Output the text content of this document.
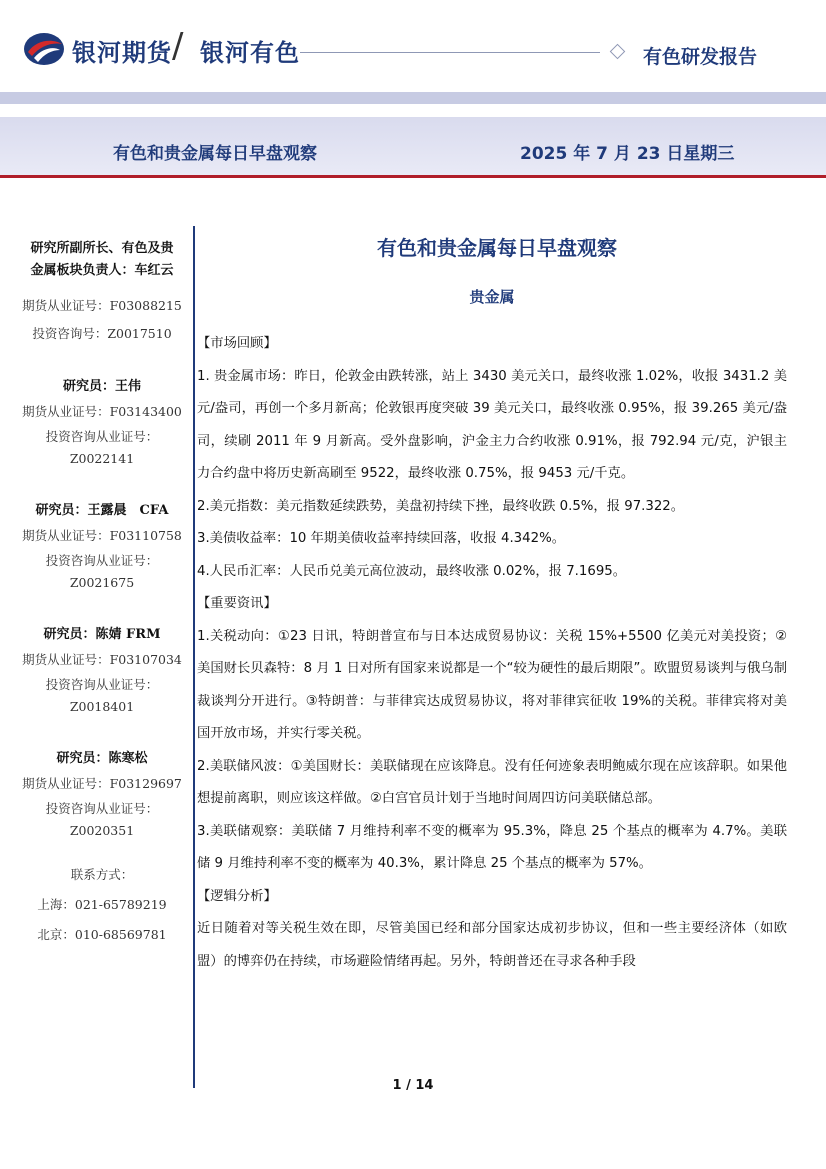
银河期货 / 银河有色	有色研发报告
有色和贵金属每日早盘观察	2025 年 7 月 23 日星期三
研究所副所长、有色及贵
金属板块负责人：车红云
期货从业证号：F03088215
投资咨询号：Z0017510
研究员：王伟
期货从业证号：F03143400
投资咨询从业证号：
Z0022141
研究员：王露晨　CFA
期货从业证号：F03110758
投资咨询从业证号：
Z0021675
研究员：陈婧 FRM
期货从业证号：F03107034
投资咨询从业证号：
Z0018401
研究员：陈寒松
期货从业证号：F03129697
投资咨询从业证号：
Z0020351
联系方式：
上海：021-65789219
北京：010-68569781
有色和贵金属每日早盘观察
贵金属

【市场回顾】

1. 贵金属市场：昨日，伦敦金由跌转涨，站上 3430 美元关口，最终收涨 1.02%，收报 3431.2 美元/盎司，再创一个多月新高；伦敦银再度突破 39 美元关口，最终收涨 0.95%，报 39.265 美元/盎司，续刷 2011 年 9 月新高。受外盘影响，沪金主力合约收涨 0.91%，报 792.94 元/克，沪银主力合约盘中将历史新高刷至 9522，最终收涨 0.75%，报 9453 元/千克。

2.美元指数：美元指数延续跌势，美盘初持续下挫，最终收跌 0.5%，报 97.322。

3.美债收益率：10 年期美债收益率持续回落，收报 4.342%。

4.人民币汇率：人民币兑美元高位波动，最终收涨 0.02%，报 7.1695。

【重要资讯】

1.关税动向：①23 日讯，特朗普宣布与日本达成贸易协议：关税 15%+5500 亿美元对美投资；②美国财长贝森特：8 月 1 日对所有国家来说都是一个“较为硬性的最后期限”。欧盟贸易谈判与俄乌制裁谈判分开进行。③特朗普：与菲律宾达成贸易协议，将对菲律宾征收 19%的关税。菲律宾将对美国开放市场，并实行零关税。

2.美联储风波：①美国财长：美联储现在应该降息。没有任何迹象表明鲍威尔现在应该辞职。如果他想提前离职，则应该这样做。②白宫官员计划于当地时间周四访问美联储总部。

3.美联储观察：美联储 7 月维持利率不变的概率为 95.3%，降息 25 个基点的概率为 4.7%。美联储 9 月维持利率不变的概率为 40.3%，累计降息 25 个基点的概率为 57%。

【逻辑分析】

近日随着对等关税生效在即，尽管美国已经和部分国家达成初步协议，但和一些主要经济体（如欧盟）的博弈仍在持续，市场避险情绪再起。另外，特朗普还在寻求各种手段

1 / 14
